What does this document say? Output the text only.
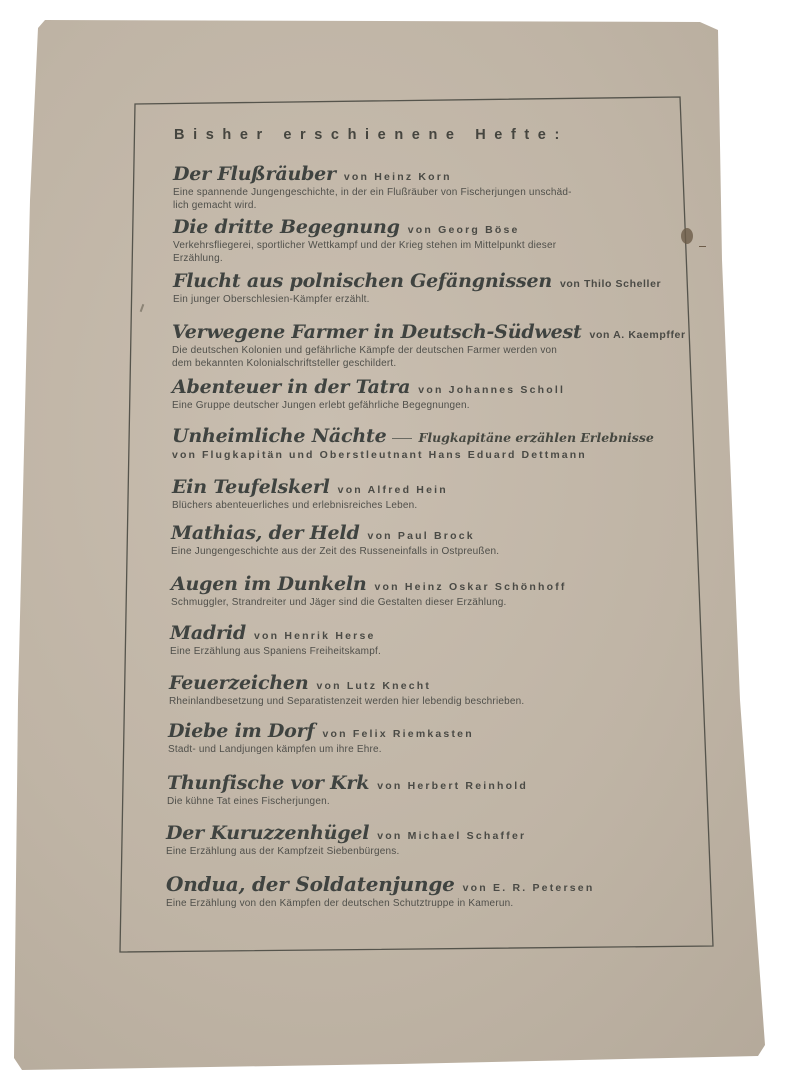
Bisher erschienene Hefte:
Der Flußräuber von Heinz Korn
Eine spannende Jungengeschichte, in der ein Flußräuber von Fischerjungen unschäd-
lich gemacht wird.
Die dritte Begegnung von Georg Böse
Verkehrsfliegerei, sportlicher Wettkampf und der Krieg stehen im Mittelpunkt dieser
Erzählung.
Flucht aus polnischen Gefängnissen von Thilo Scheller
Ein junger Oberschlesien-Kämpfer erzählt.
Verwegene Farmer in Deutsch-Südwest von A. Kaempffer
Die deutschen Kolonien und gefährliche Kämpfe der deutschen Farmer werden von
dem bekannten Kolonialschriftsteller geschildert.
Abenteuer in der Tatra von Johannes Scholl
Eine Gruppe deutscher Jungen erlebt gefährliche Begegnungen.
Unheimliche Nächte	Flugkapitäne erzählen Erlebnisse
von Flugkapitän und Oberstleutnant Hans Eduard Dettmann
Ein Teufelskerl von Alfred Hein
Blüchers abenteuerliches und erlebnisreiches Leben.
Mathias, der Held von Paul Brock
Eine Jungengeschichte aus der Zeit des Russeneinfalls in Ostpreußen.
Augen im Dunkeln von Heinz Oskar Schönhoff
Schmuggler, Strandreiter und Jäger sind die Gestalten dieser Erzählung.
Madrid von Henrik Herse
Eine Erzählung aus Spaniens Freiheitskampf.
Feuerzeichen von Lutz Knecht
Rheinlandbesetzung und Separatistenzeit werden hier lebendig beschrieben.
Diebe im Dorf von Felix Riemkasten
Stadt- und Landjungen kämpfen um ihre Ehre.
Thunfische vor Krk von Herbert Reinhold
Die kühne Tat eines Fischerjungen.
Der Kuruzzenhügel von Michael Schaffer
Eine Erzählung aus der Kampfzeit Siebenbürgens.
Ondua, der Soldatenjunge von E. R. Petersen
Eine Erzählung von den Kämpfen der deutschen Schutztruppe in Kamerun.
